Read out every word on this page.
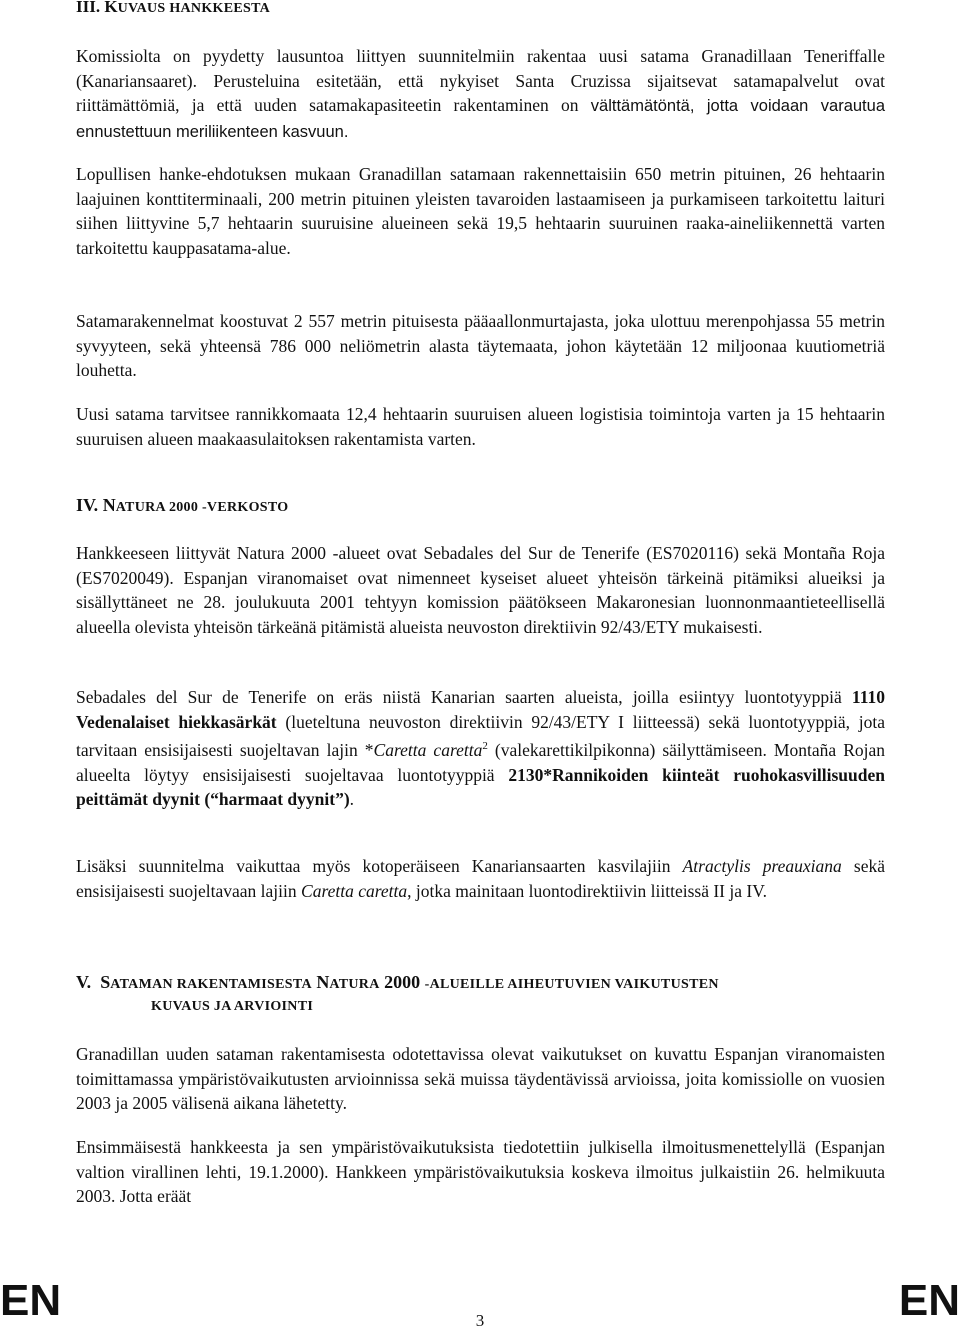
III. KUVAUS HANKKEESTA

Komissiolta on pyydetty lausuntoa liittyen suunnitelmiin rakentaa uusi satama Granadillaan Teneriffalle (Kanariansaaret). Perusteluina esitetään, että nykyiset Santa Cruzissa sijaitsevat satamapalvelut ovat riittämättömiä, ja että uuden satamakapasiteetin rakentaminen on välttämätöntä, jotta voidaan varautua ennustettuun meriliikenteen kasvuun.

Lopullisen hanke-ehdotuksen mukaan Granadillan satamaan rakennettaisiin 650 metrin pituinen, 26 hehtaarin laajuinen konttiterminaali, 200 metrin pituinen yleisten tavaroiden lastaamiseen ja purkamiseen tarkoitettu laituri siihen liittyvine 5,7 hehtaarin suuruisine alueineen sekä 19,5 hehtaarin suuruinen raaka-aineliikennettä varten tarkoitettu kauppasatama-alue.

Satamarakennelmat koostuvat 2 557 metrin pituisesta pääaallonmurtajasta, joka ulottuu merenpohjassa 55 metrin syvyyteen, sekä yhteensä 786 000 neliömetrin alasta täytemaata, johon käytetään 12 miljoonaa kuutiometriä louhetta.

Uusi satama tarvitsee rannikkomaata 12,4 hehtaarin suuruisen alueen logistisia toimintoja varten ja 15 hehtaarin suuruisen alueen maakaasulaitoksen rakentamista varten.

IV. NATURA 2000 -VERKOSTO

Hankkeeseen liittyvät Natura 2000 -alueet ovat Sebadales del Sur de Tenerife (ES7020116) sekä Montaña Roja (ES7020049). Espanjan viranomaiset ovat nimenneet kyseiset alueet yhteisön tärkeinä pitämiksi alueiksi ja sisällyttäneet ne 28. joulukuuta 2001 tehtyyn komission päätökseen Makaronesian luonnonmaantieteellisellä alueella olevista yhteisön tärkeänä pitämistä alueista neuvoston direktiivin 92/43/ETY mukaisesti.

Sebadales del Sur de Tenerife on eräs niistä Kanarian saarten alueista, joilla esiintyy luontotyyppiä 1110 Vedenalaiset hiekkasärkät (lueteltuna neuvoston direktiivin 92/43/ETY I liitteessä) sekä luontotyyppiä, jota tarvitaan ensisijaisesti suojeltavan lajin *Caretta caretta$^2$ (valekarettikilpikonna) säilyttämiseen. Montaña Rojan alueelta löytyy ensisijaisesti suojeltavaa luontotyyppiä 2130*Rannikoiden kiinteät ruohokasvillisuuden peittämät dyynit (“harmaat dyynit”).

Lisäksi suunnitelma vaikuttaa myös kotoperäiseen Kanariansaarten kasvilajiin Atractylis preauxiana sekä ensisijaisesti suojeltavaan lajiin Caretta caretta, jotka mainitaan luontodirektiivin liitteissä II ja IV.

V. SATAMAN RAKENTAMISESTA NATURA 2000 -ALUEILLE AIHEUTUVIEN VAIKUTUSTEN
KUVAUS JA ARVIOINTI

Granadillan uuden sataman rakentamisesta odotettavissa olevat vaikutukset on kuvattu Espanjan viranomaisten toimittamassa ympäristövaikutusten arvioinnissa sekä muissa täydentävissä arvioissa, joita komissiolle on vuosien 2003 ja 2005 välisenä aikana lähetetty.

Ensimmäisestä hankkeesta ja sen ympäristövaikutuksista tiedotettiin julkisella ilmoitusmenettelyllä (Espanjan valtion virallinen lehti, 19.1.2000). Hankkeen ympäristövaikutuksia koskeva ilmoitus julkaistiin 26. helmikuuta 2003. Jotta eräät

EN	3	EN
